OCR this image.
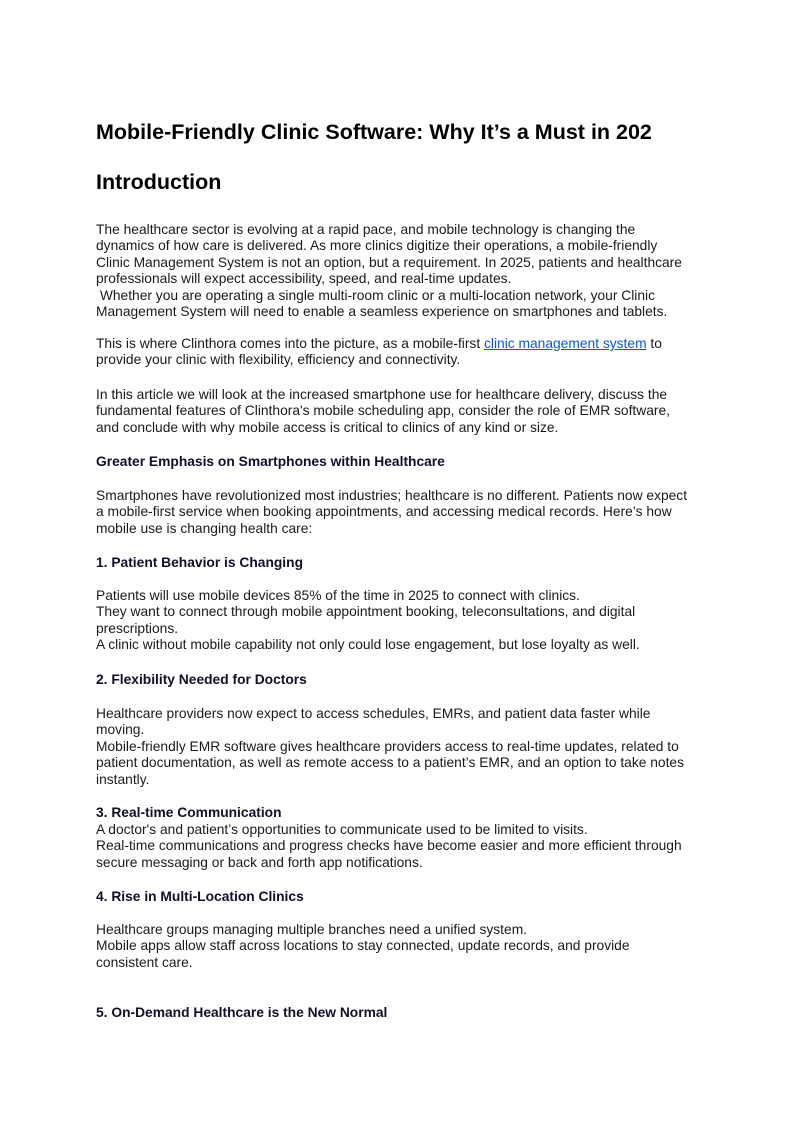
Mobile-Friendly Clinic Software: Why It’s a Must in 202
Introduction
The healthcare sector is evolving at a rapid pace, and mobile technology is changing the
dynamics of how care is delivered. As more clinics digitize their operations, a mobile-friendly
Clinic Management System is not an option, but a requirement. In 2025, patients and healthcare
professionals will expect accessibility, speed, and real-time updates.
Whether you are operating a single multi-room clinic or a multi-location network, your Clinic
Management System will need to enable a seamless experience on smartphones and tablets.
This is where Clinthora comes into the picture, as a mobile-first clinic management system to
provide your clinic with flexibility, efficiency and connectivity.
In this article we will look at the increased smartphone use for healthcare delivery, discuss the
fundamental features of Clinthora's mobile scheduling app, consider the role of EMR software,
and conclude with why mobile access is critical to clinics of any kind or size.
Greater Emphasis on Smartphones within Healthcare
Smartphones have revolutionized most industries; healthcare is no different. Patients now expect
a mobile-first service when booking appointments, and accessing medical records. Here’s how
mobile use is changing health care:
1. Patient Behavior is Changing
Patients will use mobile devices 85% of the time in 2025 to connect with clinics.
They want to connect through mobile appointment booking, teleconsultations, and digital
prescriptions.
A clinic without mobile capability not only could lose engagement, but lose loyalty as well.
2. Flexibility Needed for Doctors
Healthcare providers now expect to access schedules, EMRs, and patient data faster while
moving.
Mobile-friendly EMR software gives healthcare providers access to real-time updates, related to
patient documentation, as well as remote access to a patient’s EMR, and an option to take notes
instantly.
3. Real-time Communication
A doctor's and patient’s opportunities to communicate used to be limited to visits.
Real-time communications and progress checks have become easier and more efficient through
secure messaging or back and forth app notifications.
4. Rise in Multi-Location Clinics
Healthcare groups managing multiple branches need a unified system.
Mobile apps allow staff across locations to stay connected, update records, and provide
consistent care.
5. On-Demand Healthcare is the New Normal
